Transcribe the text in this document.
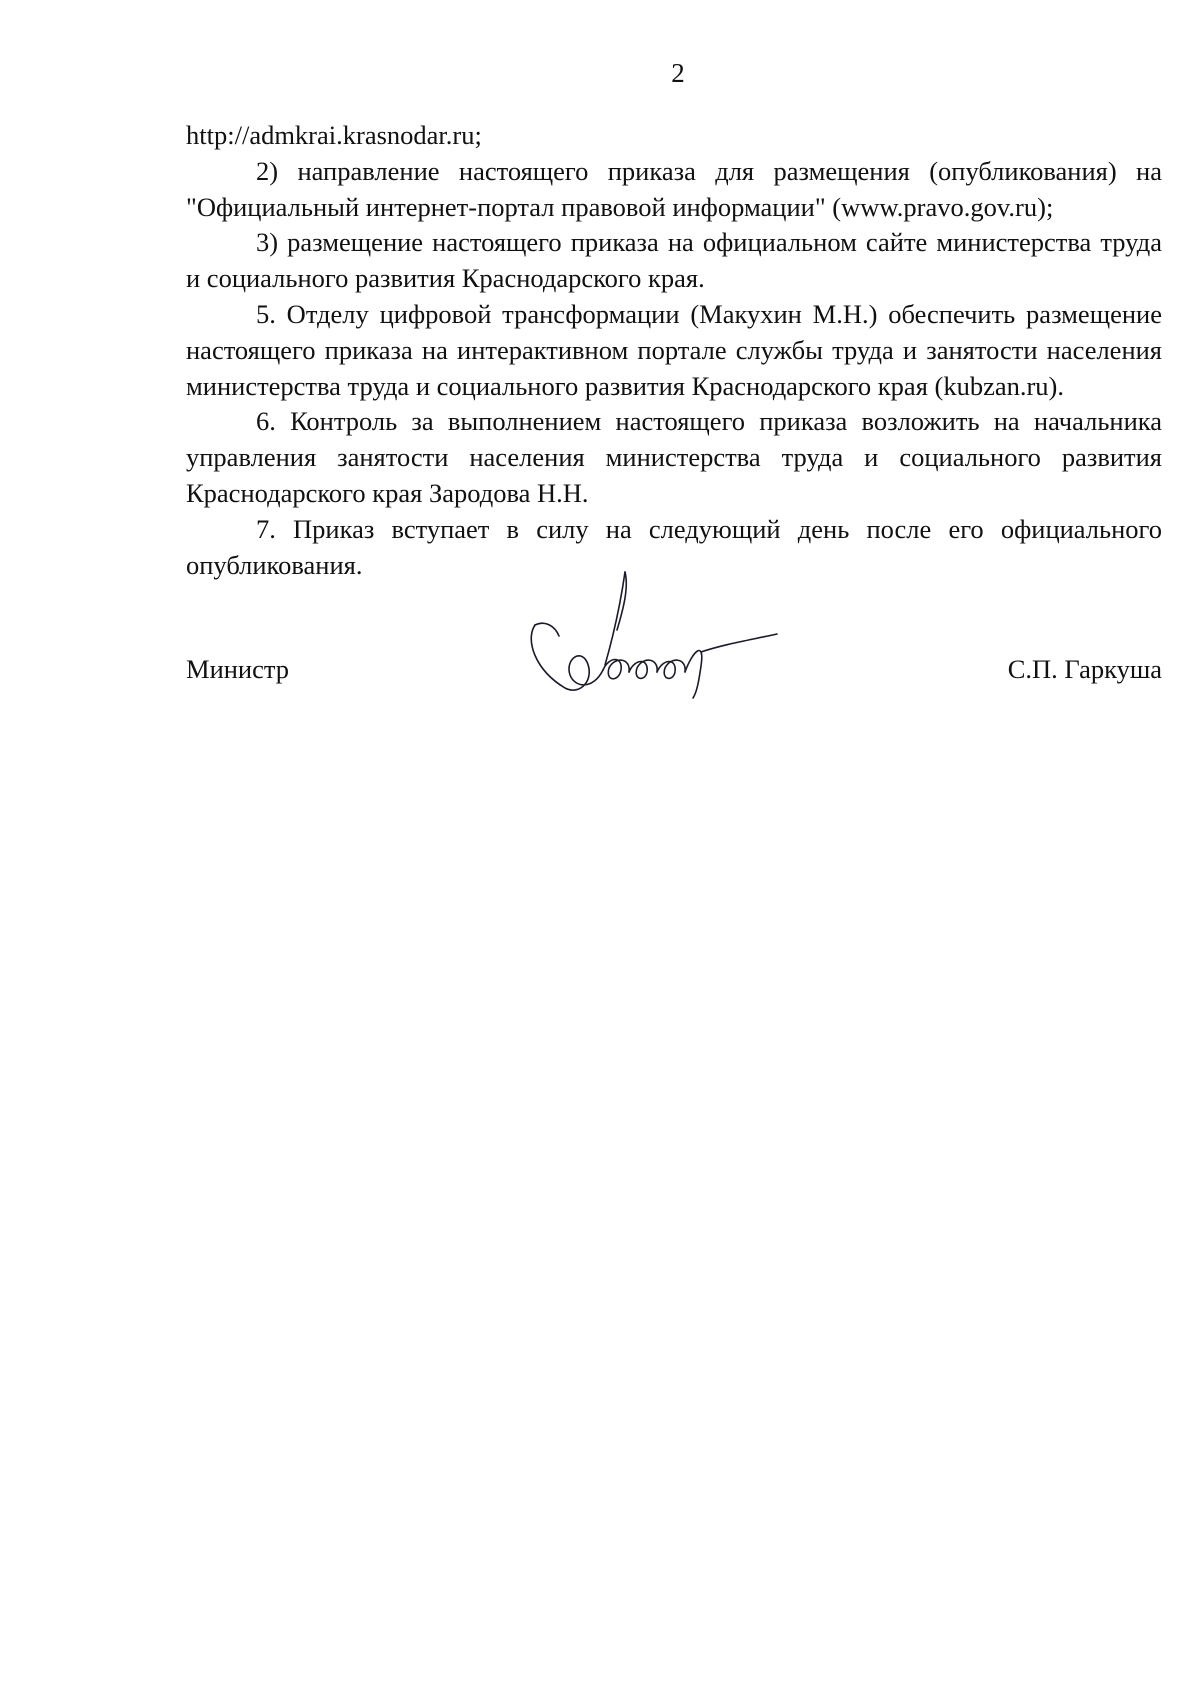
2

http://admkrai.krasnodar.ru;

2) направление настоящего приказа для размещения (опубликования) на "Официальный интернет-портал правовой информации" (www.pravo.gov.ru);

3) размещение настоящего приказа на официальном сайте министерства труда и социального развития Краснодарского края.

5. Отделу цифровой трансформации (Макухин М.Н.) обеспечить размещение настоящего приказа на интерактивном портале службы труда и занятости населения министерства труда и социального развития Краснодарского края (kubzan.ru).

6. Контроль за выполнением настоящего приказа возложить на начальника управления занятости населения министерства труда и социального развития Краснодарского края Зародова Н.Н.

7. Приказ вступает в силу на следующий день после его официального опубликования.

Министр	С.П. Гаркуша
